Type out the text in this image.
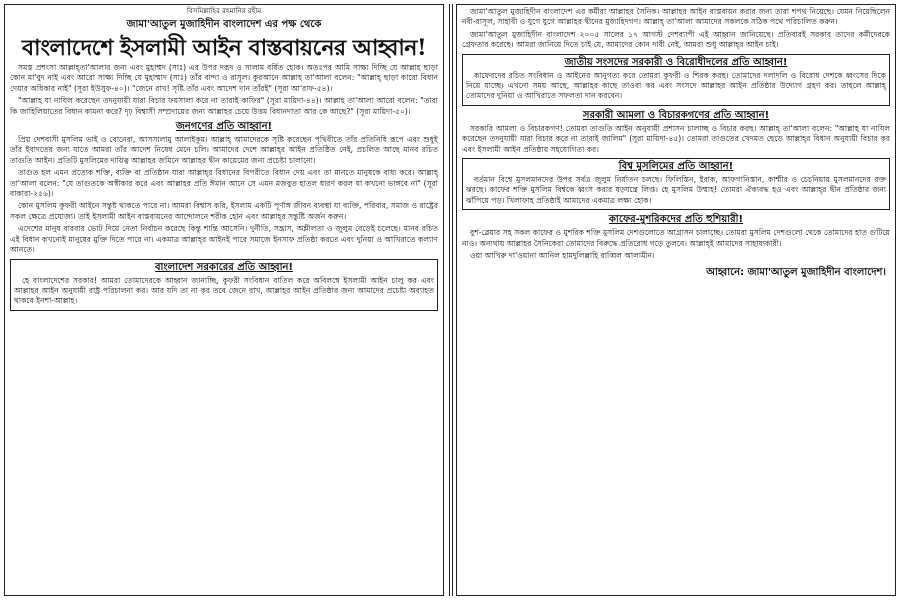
বিসমিল্লাহির রহমানির রহীম

জামা'আতুল মুজাহিদীন বাংলাদেশ এর পক্ষ থেকে

বাংলাদেশে ইসলামী আইন বাস্তবায়নের আহ্বান!

সমস্ত প্রশংসা আল্লাহ্‌তা'আলার জন্য এবং মুহাম্মদ (সাঃ) এর উপর দরূদ ও সালাম বর্ষিত হোক। অতঃপর আমি সাক্ষ্য দিচ্ছি যে আল্লাহ ছাড়া কোন মা'বুদ নাই এবং আরো সাক্ষ্য দিচ্ছি যে মুহাম্মাদ (সাঃ) তাঁর বান্দা ও রাসূল। কুরআনে আল্লাহ তা'আলা বলেন: "আল্লাহ্‌ ছাড়া কারো বিধান দেয়ার অধিকার নাই" (সূরা ইউসুফ-৪০)। "জেনে রাখ! সৃষ্টি তাঁর এবং আদেশ দান তাঁরই" (সূরা আ'রাফ-৫৪)।

"আল্লাহ যা নাযিল করেছেন তদনুযায়ী যারা বিচার ফয়সালা করে না তারাই কাফির" (সূরা মায়িদা-৪৪)। আল্লাহ তা'আলা আরো বলেন: "তারা কি জাহিলিয়াতের বিধান কামনা করে? দৃঢ় বিশ্বাসী সম্প্রদায়ের জন্য আল্লাহর চেয়ে উত্তম বিধানদাতা আর কে আছে?" (সূরা মায়িদা-৫০)।

জনগণের প্রতি আহ্বান!

প্রিয় দেশবাসী মুসলিম ভাই ও বোনেরা, আসসালামু আলাইকুম। আল্লাহ্‌ আমাদেরকে সৃষ্টি করেছেন পৃথিবীতে তাঁর প্রতিনিধি রূপে এবং শুধুই তাঁর ইবাদতের জন্য যাতে আমরা তাঁর আদেশ নিষেধ মেনে চলি। আমাদের দেশে আল্লাহ্‌র আইন প্রতিষ্ঠিত নেই, প্রচলিত আছে মানব রচিত তাগুতি আইন। প্রতিটি মুসলিমের দায়িত্ব আল্লাহর জমিনে আল্লাহর দ্বীন কায়েমের জন্য প্রচেষ্টা চালানো।

তাগুত হল এমন প্রত্যেক শক্তি, ব্যক্তি বা প্রতিষ্ঠান যারা আল্লাহ্‌র বিধানের বিপরীতে বিধান দেয় এবং তা মানতে মানুষকে বাধ্য করে। আল্লাহ্‌ তা'আলা বলেন: "যে তাগুতকে অস্বীকার করে এবং আল্লাহর প্রতি ঈমান আনে সে এমন মজবুত হাতল ধারণ করল যা কখনো ভাঙ্গবে না" (সূরা বাকারা-২৫৬)।

কোন মুসলিম কুফরী আইনে সন্তুষ্ট থাকতে পারে না। আমরা বিশ্বাস করি, ইসলাম একটি পূর্ণাঙ্গ জীবন ব্যবস্থা যা ব্যক্তি, পরিবার, সমাজ ও রাষ্ট্রের সকল ক্ষেত্রে প্রযোজ্য। তাই ইসলামী আইন বাস্তবায়নের আন্দোলনে শরীক হোন এবং আল্লাহ্‌র সন্তুষ্টি অর্জন করুন।

এদেশের মানুষ বারবার ভোট দিয়ে নেতা নির্বাচন করেছে কিন্তু শান্তি আসেনি। দুর্নীতি, সন্ত্রাস, অশ্লীলতা ও জুলুম বেড়েই চলেছে। মানব রচিত এই বিধান কখনোই মানুষের মুক্তি দিতে পারে না। একমাত্র আল্লাহ্‌র আইনই পারে সমাজে ইনসাফ প্রতিষ্ঠা করতে এবং দুনিয়া ও আখিরাতে কল্যাণ আনতে।

বাংলাদেশ সরকারের প্রতি আহ্বান!

হে বাংলাদেশের সরকার! আমরা তোমাদেরকে আহ্বান জানাচ্ছি, কুফরী সংবিধান বাতিল করে অবিলম্বে ইসলামী আইন চালু কর এবং আল্লাহর আইন অনুযায়ী রাষ্ট্র পরিচালনা কর। আর যদি তা না কর তবে জেনে রাখ, আল্লাহর আইন প্রতিষ্ঠার জন্য আমাদের প্রচেষ্টা অব্যাহত থাকবে ইনশা-আল্লাহ।

জামা'আতুল মুজাহিদীন বাংলাদেশ এর কর্মীরা আল্লাহর সৈনিক। আল্লাহর আইন বাস্তবায়ন করার জন্য তারা শপথ নিয়েছে। যেমন নিয়েছিলেন নবী-রাসূল, সাহাবী ও যুগে যুগে আল্লাহর দ্বীনের মুজাহিদগণ। আল্লাহ্‌ তা'আলা আমাদের সকলকে সঠিক পথে পরিচালিত করুন।

জামা'আতুল মুজাহিদীন বাংলাদেশ ২০০৫ সালের ১৭ আগস্ট দেশব্যাপী এই আহ্বান জানিয়েছে। প্রতিবারই সরকার তাদের কর্মীদেরকে গ্রেফতার করেছে। আমরা জানিয়ে দিতে চাই যে, আমাদের কোন দাবী নেই, আমরা শুধু আল্লাহ্‌র আইন চাই।

জাতীয় সংসদের সরকারী ও বিরোধীদলের প্রতি আহ্বান!

কাফেরদের রচিত সংবিধান ও আইনের আনুগত্য করে তোমরা কুফরী ও শিরক করছ। তোমাদের দলাদলি ও বিরোধ দেশকে ধ্বংসের দিকে নিয়ে যাচ্ছে। এখনো সময় আছে, আল্লাহর কাছে তাওবা কর এবং সংসদে আল্লাহর আইন প্রতিষ্ঠার উদ্যোগ গ্রহণ কর। তাহলে আল্লাহ্‌ তোমাদের দুনিয়া ও আখিরাতে সফলতা দান করবেন।

সরকারী আমলা ও বিচারকগণের প্রতি আহ্বান!

সরকারি আমলা ও বিচারকগণ! তোমরা তাগুতি আইন অনুযায়ী প্রশাসন চালাচ্ছ ও বিচার করছ। আল্লাহ্‌ তা'আলা বলেন: "আল্লাহ যা নাযিল করেছেন তদনুযায়ী যারা বিচার করে না তারাই জালিম" (সূরা মায়িদা-৪৫)। তোমরা তাগুতের খেদমত ছেড়ে আল্লাহ্‌র বিধান অনুযায়ী বিচার কর এবং ইসলামী আইন প্রতিষ্ঠায় সহযোগিতা কর।

বিশ্ব মুসলিমের প্রতি আহ্বান!

বর্তমান বিশ্বে মুসলমানদের উপর সর্বত্র জুলুম নির্যাতন চলছে। ফিলিস্তিন, ইরাক, আফগানিস্তান, কাশ্মীর ও চেচনিয়ায় মুসলমানদের রক্ত ঝরছে। কাফের শক্তি মুসলিম বিশ্বকে ধ্বংস করার ষড়যন্ত্রে লিপ্ত। হে মুসলিম উম্মাহ! তোমরা ঐক্যবদ্ধ হও এবং আল্লাহ্‌র দ্বীন প্রতিষ্ঠার জন্য ঝাঁপিয়ে পড়। খিলাফাহ প্রতিষ্ঠাই আমাদের একমাত্র লক্ষ্য হোক।

কাফের-মুশরিকদের প্রতি হুশিয়ারী!

বুশ-ব্লেয়ার সহ সকল কাফের ও মুশরিক শক্তি মুসলিম দেশগুলোতে আগ্রাসন চালাচ্ছে। তোমরা মুসলিম দেশগুলো থেকে তোমাদের হাত গুটিয়ে নাও। অন্যথায় আল্লাহর সৈনিকেরা তোমাদের বিরুদ্ধে প্রতিরোধ গড়ে তুলবে। আল্লাহ্‌ই আমাদের সাহায্যকারী।

ওয়া আখিরু দা'ওয়ানা আনিল হামদুলিল্লাহি রাব্বিল আলামীন।

আহ্বানে: জামা'আতুল মুজাহিদীন বাংলাদেশ।
